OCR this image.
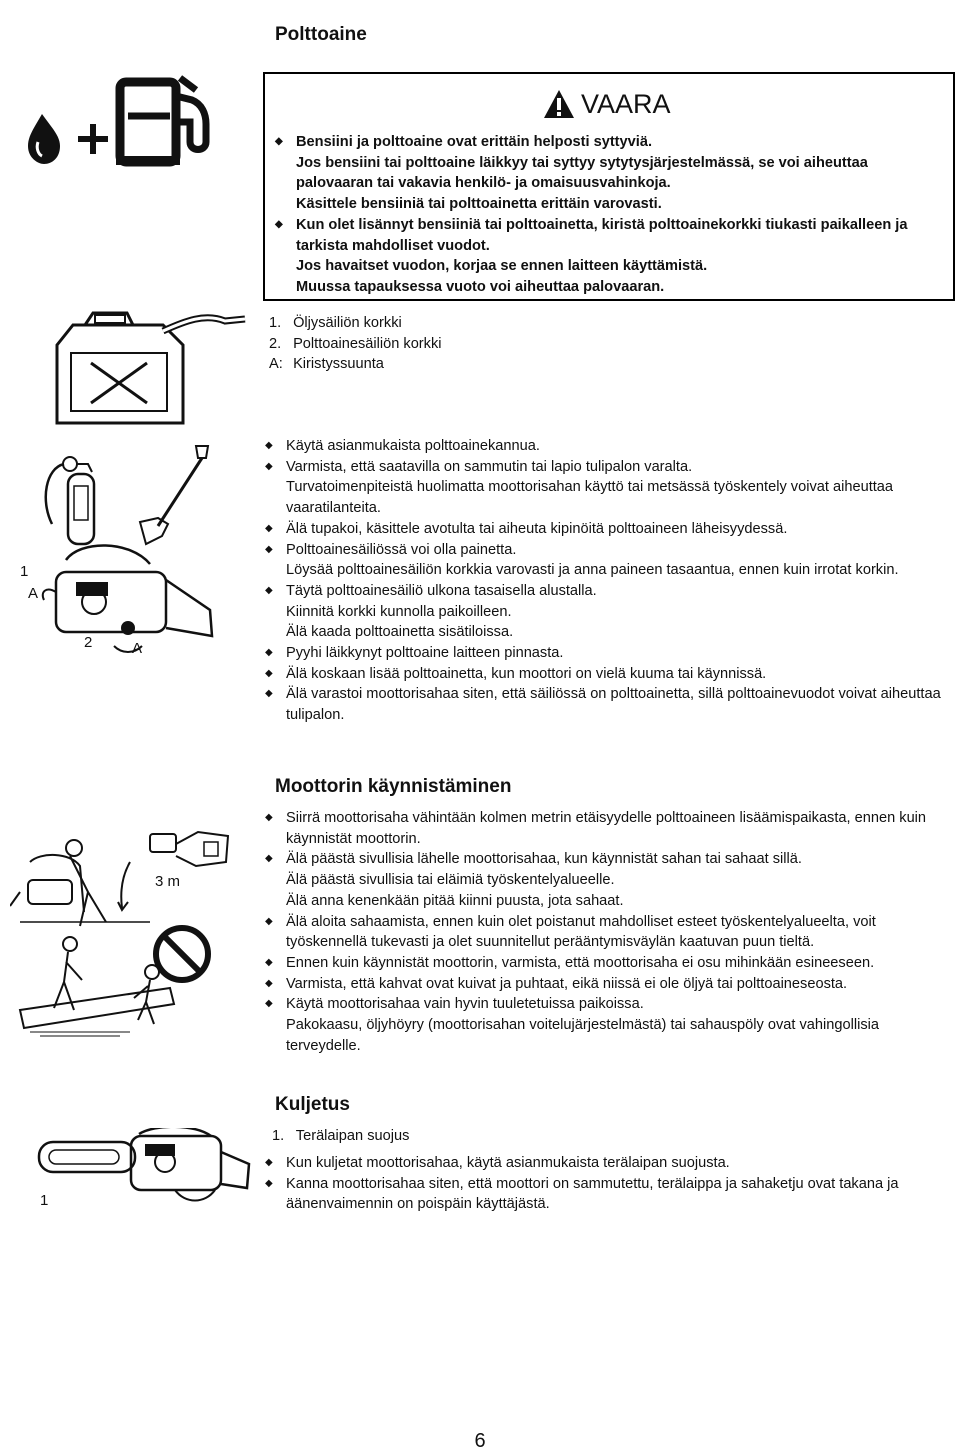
Polttoaine
VAARA
◆ Bensiini ja polttoaine ovat erittäin helposti syttyviä.

Jos bensiini tai polttoaine läikkyy tai syttyy sytytysjärjestelmässä, se voi aiheuttaa palovaaran tai vakavia henkilö- ja omaisuusvahinkoja.

Käsittele bensiiniä tai polttoainetta erittäin varovasti.

◆ Kun olet lisännyt bensiiniä tai polttoainetta, kiristä polttoainekorkki tiukasti paikalleen ja tarkista mahdolliset vuodot.

Jos havaitset vuodon, korjaa se ennen laitteen käyttämistä.

Muussa tapauksessa vuoto voi aiheuttaa palovaaran.

1. Öljysäiliön korkki
2. Polttoainesäiliön korkki
A: Kiristyssuunta
1
A
2	A
◆ Käytä asianmukaista polttoainekannua.

◆ Varmista, että saatavilla on sammutin tai lapio tulipalon varalta.

Turvatoimenpiteistä huolimatta moottorisahan käyttö tai metsässä työskentely voivat aiheuttaa vaaratilanteita.

◆ Älä tupakoi, käsittele avotulta tai aiheuta kipinöitä polttoaineen läheisyydessä.

◆ Polttoainesäiliössä voi olla painetta.

Löysää polttoainesäiliön korkkia varovasti ja anna paineen tasaantua, ennen kuin irrotat korkin.

◆ Täytä polttoainesäiliö ulkona tasaisella alustalla.

Kiinnitä korkki kunnolla paikoilleen.

Älä kaada polttoainetta sisätiloissa.

◆ Pyyhi läikkynyt polttoaine laitteen pinnasta.

◆ Älä koskaan lisää polttoainetta, kun moottori on vielä kuuma tai käynnissä.

◆ Älä varastoi moottorisahaa siten, että säiliössä on polttoainetta, sillä polttoainevuodot voivat aiheuttaa tulipalon.

Moottorin käynnistäminen
3 m
◆ Siirrä moottorisaha vähintään kolmen metrin etäisyydelle polttoaineen lisäämispaikasta, ennen kuin käynnistät moottorin.

◆ Älä päästä sivullisia lähelle moottorisahaa, kun käynnistät sahan tai sahaat sillä.

Älä päästä sivullisia tai eläimiä työskentelyalueelle.

Älä anna kenenkään pitää kiinni puusta, jota sahaat.

◆ Älä aloita sahaamista, ennen kuin olet poistanut mahdolliset esteet työskentelyalueelta, voit työskennellä tukevasti ja olet suunnitellut perääntymisväylän kaatuvan puun tieltä.

◆ Ennen kuin käynnistät moottorin, varmista, että moottorisaha ei osu mihinkään esineeseen.

◆ Varmista, että kahvat ovat kuivat ja puhtaat, eikä niissä ei ole öljyä tai polttoaineseosta.

◆ Käytä moottorisahaa vain hyvin tuuletetuissa paikoissa.

Pakokaasu, öljyhöyry (moottorisahan voitelujärjestelmästä) tai sahauspöly ovat vahingollisia terveydelle.

Kuljetus
1. Terälaipan suojus
1
◆ Kun kuljetat moottorisahaa, käytä asianmukaista terälaipan suojusta.

◆ Kanna moottorisahaa siten, että moottori on sammutettu, terälaippa ja sahaketju ovat takana ja äänenvaimennin on poispäin käyttäjästä.

6
